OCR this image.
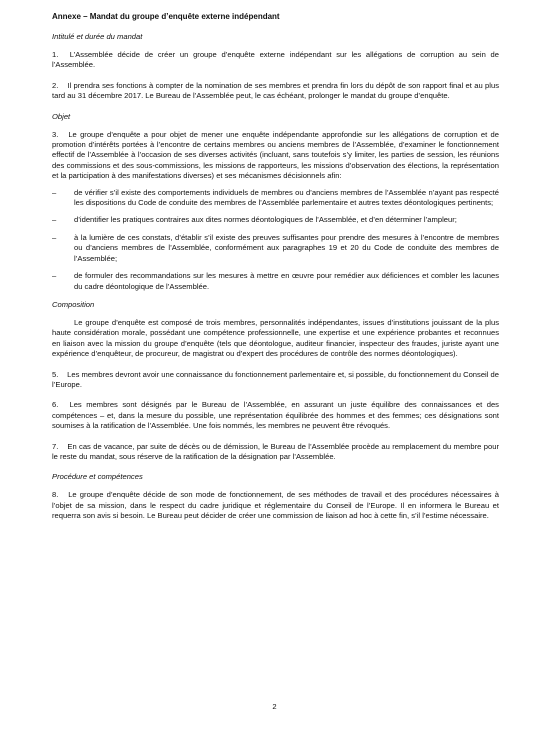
Annexe – Mandat du groupe d’enquête externe indépendant
Intitulé et durée du mandat

1. L’Assemblée décide de créer un groupe d’enquête externe indépendant sur les allégations de corruption au sein de l’Assemblée.

2. Il prendra ses fonctions à compter de la nomination de ses membres et prendra fin lors du dépôt de son rapport final et au plus tard au 31 décembre 2017. Le Bureau de l’Assemblée peut, le cas échéant, prolonger le mandat du groupe d’enquête.

Objet

3. Le groupe d’enquête a pour objet de mener une enquête indépendante approfondie sur les allégations de corruption et de promotion d’intérêts portées à l’encontre de certains membres ou anciens membres de l’Assemblée, d’examiner le fonctionnement effectif de l’Assemblée à l’occasion de ses diverses activités (incluant, sans toutefois s’y limiter, les parties de session, les réunions des commissions et des sous-commissions, les missions de rapporteurs, les missions d’observation des élections, la représentation et la participation à des manifestations diverses) et ses mécanismes décisionnels afin:

– de vérifier s’il existe des comportements individuels de membres ou d’anciens membres de l’Assemblée n’ayant pas respecté les dispositions du Code de conduite des membres de l’Assemblée parlementaire et autres textes déontologiques pertinents;
– d’identifier les pratiques contraires aux dites normes déontologiques de l’Assemblée, et d’en déterminer l’ampleur;
– à la lumière de ces constats, d’établir s’il existe des preuves suffisantes pour prendre des mesures à l’encontre de membres ou d’anciens membres de l’Assemblée, conformément aux paragraphes 19 et 20 du Code de conduite des membres de l’Assemblée;
– de formuler des recommandations sur les mesures à mettre en œuvre pour remédier aux déficiences et combler les lacunes du cadre déontologique de l’Assemblée.
Composition

Le groupe d’enquête est composé de trois membres, personnalités indépendantes, issues d’institutions jouissant de la plus haute considération morale, possédant une compétence professionnelle, une expertise et une expérience probantes et reconnues en liaison avec la mission du groupe d’enquête (tels que déontologue, auditeur financier, inspecteur des fraudes, juriste ayant une expérience d’enquêteur, de procureur, de magistrat ou d’expert des procédures de contrôle des normes déontologiques).

5. Les membres devront avoir une connaissance du fonctionnement parlementaire et, si possible, du fonctionnement du Conseil de l’Europe.

6. Les membres sont désignés par le Bureau de l’Assemblée, en assurant un juste équilibre des connaissances et des compétences – et, dans la mesure du possible, une représentation équilibrée des hommes et des femmes; ces désignations sont soumises à la ratification de l’Assemblée. Une fois nommés, les membres ne peuvent être révoqués.

7. En cas de vacance, par suite de décès ou de démission, le Bureau de l’Assemblée procède au remplacement du membre pour le reste du mandat, sous réserve de la ratification de la désignation par l’Assemblée.

Procédure et compétences

8. Le groupe d’enquête décide de son mode de fonctionnement, de ses méthodes de travail et des procédures nécessaires à l’objet de sa mission, dans le respect du cadre juridique et réglementaire du Conseil de l’Europe. Il en informera le Bureau et requerra son avis si besoin. Le Bureau peut décider de créer une commission de liaison ad hoc à cette fin, s’il l’estime nécessaire.

2
